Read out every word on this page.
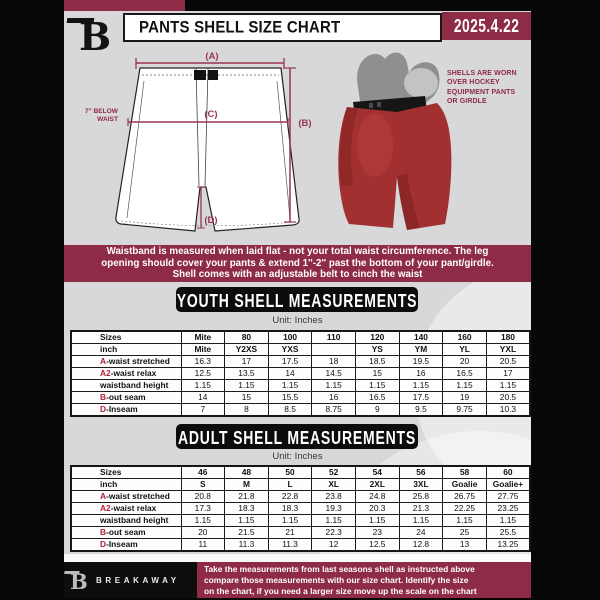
B	PANTS SHELL SIZE CHART	2025.4.22
(A)
(C)
(B)
(D)
7'' BELOW
WAIST
SHELLS ARE WORN
OVER HOCKEY
EQUIPMENT PANTS
OR GIRDLE
Waistband is measured when laid flat - not your total waist circumference. The leg
opening should cover your pants & extend 1''-2'' past the bottom of your pant/girdle.
Shell comes with an adjustable belt to cinch the waist
YOUTH SHELL MEASUREMENTS
Unit: Inches
Sizes	Mite	80	100	110	120	140	160	180
inch	Mite	Y2XS	YXS		YS	YM	YL	YXL
A-waist stretched	16.3	17	17.5	18	18.5	19.5	20	20.5
A2-waist relax	12.5	13.5	14	14.5	15	16	16.5	17
waistband height	1.15	1.15	1.15	1.15	1.15	1.15	1.15	1.15
B-out seam	14	15	15.5	16	16.5	17.5	19	20.5
D-Inseam	7	8	8.5	8.75	9	9.5	9.75	10.3
ADULT SHELL MEASUREMENTS
Unit: Inches
Sizes	46	48	50	52	54	56	58	60
inch	S	M	L	XL	2XL	3XL	Goalie	Goalie+
A-waist stretched	20.8	21.8	22.8	23.8	24.8	25.8	26.75	27.75
A2-waist relax	17.3	18.3	18.3	19.3	20.3	21.3	22.25	23.25
waistband height	1.15	1.15	1.15	1.15	1.15	1.15	1.15	1.15
B-out seam	20	21.5	21	22.3	23	24	25	25.5
D-Inseam	11	11.3	11.3	12	12.5	12.8	13	13.25
B BREAKAWAY
Take the measurements from last seasons shell as instructed above
compare those measurements with our size chart. Identify the size
on the chart, if you need a larger size move up the scale on the chart
